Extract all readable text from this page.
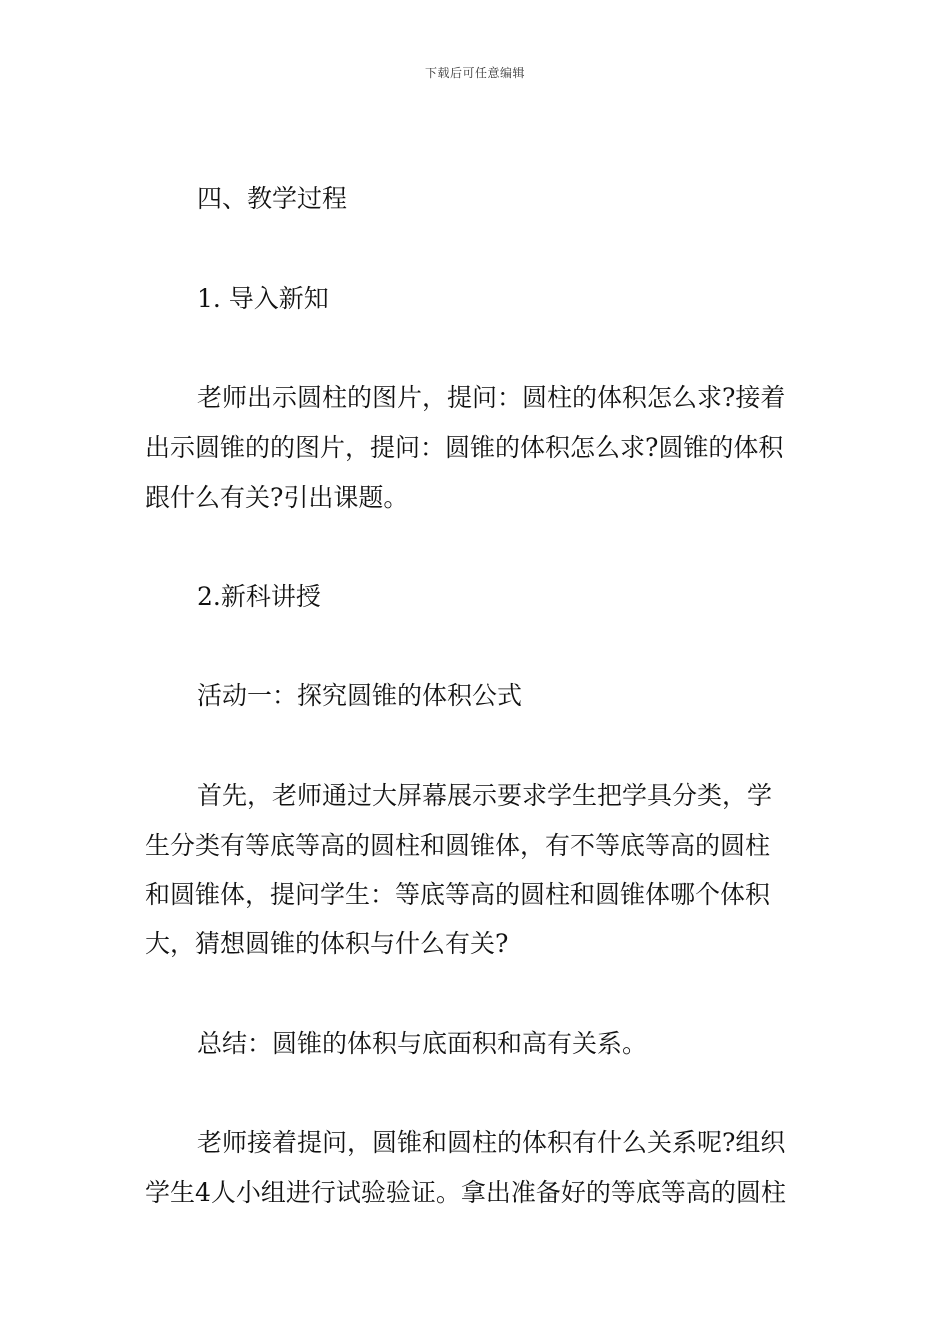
下载后可任意编辑
四、教学过程
1. 导入新知
老师出示圆柱的图片，提问：圆柱的体积怎么求?接着
出示圆锥的的图片，提问：圆锥的体积怎么求?圆锥的体积
跟什么有关?引出课题。
2.新科讲授
活动一：探究圆锥的体积公式
首先，老师通过大屏幕展示要求学生把学具分类，学
生分类有等底等高的圆柱和圆锥体，有不等底等高的圆柱
和圆锥体，提问学生：等底等高的圆柱和圆锥体哪个体积
大，猜想圆锥的体积与什么有关?
总结：圆锥的体积与底面积和高有关系。
老师接着提问，圆锥和圆柱的体积有什么关系呢?组织
学生4人小组进行试验验证。拿出准备好的等底等高的圆柱
